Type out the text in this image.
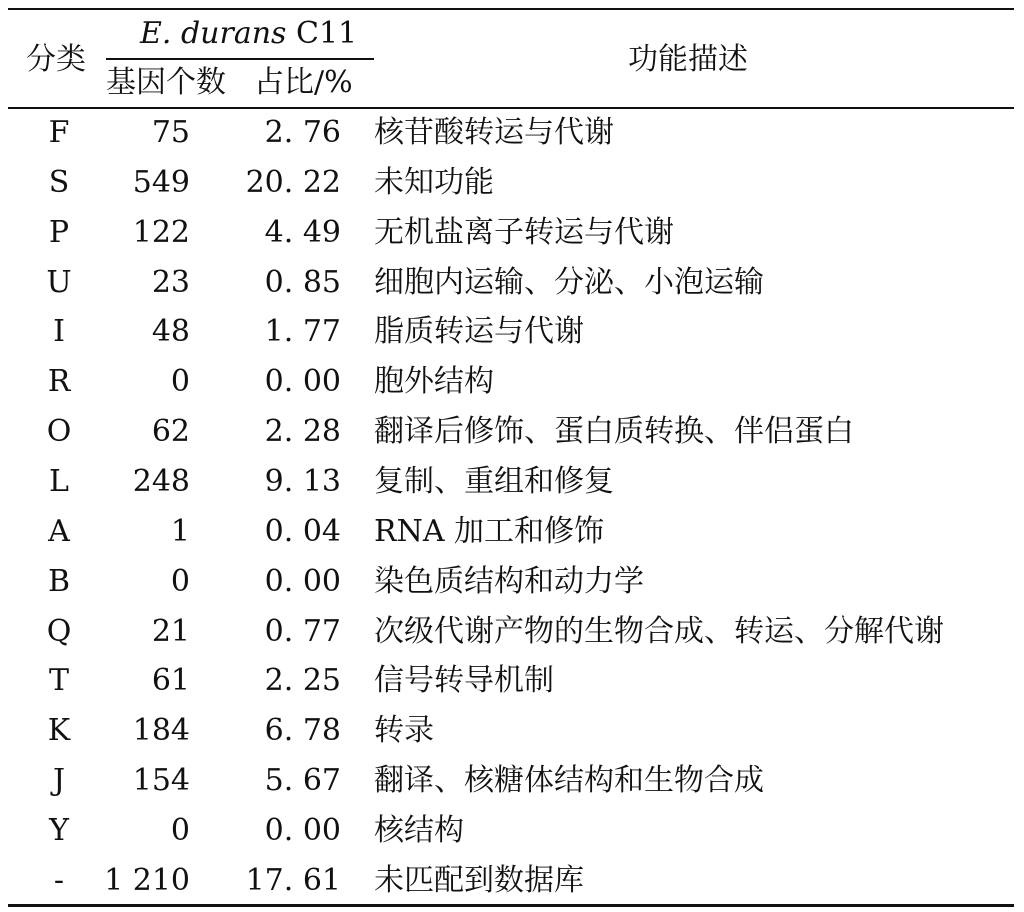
分类
E. durans C11
基因个数 占比/%
功能描述
F	75	2. 76 核苷酸转运与代谢
S	549	20. 22 未知功能
P	122	4. 49 无机盐离子转运与代谢
U	23	0. 85 细胞内运输、分泌、小泡运输
I	48	1. 77 脂质转运与代谢
R	0	0. 00 胞外结构
O	62	2. 28 翻译后修饰、蛋白质转换、伴侣蛋白
L	248	9. 13 复制、重组和修复
A	1	0. 04 RNA 加工和修饰
B	0	0. 00 染色质结构和动力学
Q	21	0. 77 次级代谢产物的生物合成、转运、分解代谢
T	61	2. 25 信号转导机制
K	184	6. 78 转录
J	154	5. 67 翻译、核糖体结构和生物合成
Y	0	0. 00 核结构
-	1 210	17. 61 未匹配到数据库
